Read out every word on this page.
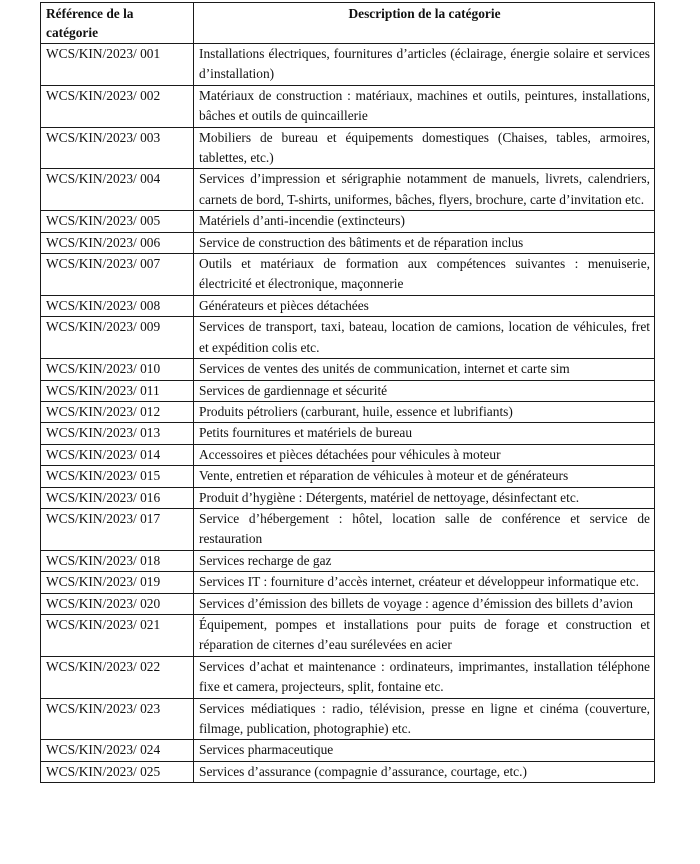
Référence de la
catégorie	Description de la catégorie
WCS/KIN/2023/ 001	Installations électriques, fournitures d’articles (éclairage, énergie solaire et services d’installation)
WCS/KIN/2023/ 002	Matériaux de construction : matériaux, machines et outils, peintures, installations, bâches et outils de quincaillerie
WCS/KIN/2023/ 003	Mobiliers de bureau et équipements domestiques (Chaises, tables, armoires, tablettes, etc.)
WCS/KIN/2023/ 004	Services d’impression et sérigraphie notamment de manuels, livrets, calendriers, carnets de bord, T-shirts, uniformes, bâches, flyers, brochure, carte d’invitation etc.
WCS/KIN/2023/ 005	Matériels d’anti-incendie (extincteurs)
WCS/KIN/2023/ 006	Service de construction des bâtiments et de réparation inclus
WCS/KIN/2023/ 007	Outils et matériaux de formation aux compétences suivantes : menuiserie, électricité et électronique, maçonnerie
WCS/KIN/2023/ 008	Générateurs et pièces détachées
WCS/KIN/2023/ 009	Services de transport, taxi, bateau, location de camions, location de véhicules, fret et expédition colis etc.
WCS/KIN/2023/ 010	Services de ventes des unités de communication, internet et carte sim
WCS/KIN/2023/ 011	Services de gardiennage et sécurité
WCS/KIN/2023/ 012	Produits pétroliers (carburant, huile, essence et lubrifiants)
WCS/KIN/2023/ 013	Petits fournitures et matériels de bureau
WCS/KIN/2023/ 014	Accessoires et pièces détachées pour véhicules à moteur
WCS/KIN/2023/ 015	Vente, entretien et réparation de véhicules à moteur et de générateurs
WCS/KIN/2023/ 016	Produit d’hygiène : Détergents, matériel de nettoyage, désinfectant etc.
WCS/KIN/2023/ 017	Service d’hébergement : hôtel, location salle de conférence et service de restauration
WCS/KIN/2023/ 018	Services recharge de gaz
WCS/KIN/2023/ 019	Services IT : fourniture d’accès internet, créateur et développeur informatique etc.
WCS/KIN/2023/ 020	Services d’émission des billets de voyage : agence d’émission des billets d’avion
WCS/KIN/2023/ 021	Équipement, pompes et installations pour puits de forage et construction et réparation de citernes d’eau surélevées en acier
WCS/KIN/2023/ 022	Services d’achat et maintenance : ordinateurs, imprimantes, installation téléphone fixe et camera, projecteurs, split, fontaine etc.
WCS/KIN/2023/ 023	Services médiatiques : radio, télévision, presse en ligne et cinéma (couverture, filmage, publication, photographie) etc.
WCS/KIN/2023/ 024	Services pharmaceutique
WCS/KIN/2023/ 025	Services d’assurance (compagnie d’assurance, courtage, etc.)
